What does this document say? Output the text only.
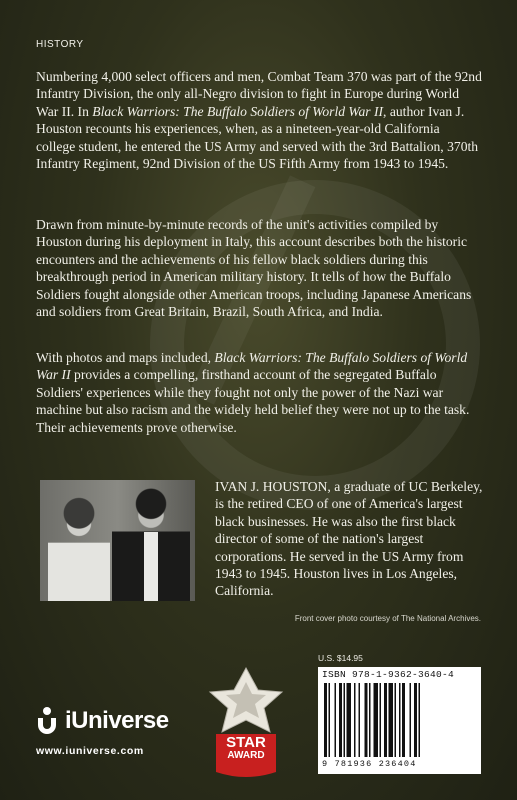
HISTORY

Numbering 4,000 select officers and men, Combat Team 370 was part of the 92nd Infantry Division, the only all-Negro division to fight in Europe during World War II. In Black Warriors: The Buffalo Soldiers of World War II, author Ivan J. Houston recounts his experiences, when, as a nineteen-year-old California college student, he entered the US Army and served with the 3rd Battalion, 370th Infantry Regiment, 92nd Division of the US Fifth Army from 1943 to 1945.

Drawn from minute-by-minute records of the unit's activities compiled by Houston during his deployment in Italy, this account describes both the historic encounters and the achievements of his fellow black soldiers during this breakthrough period in American military history. It tells of how the Buffalo Soldiers fought alongside other American troops, including Japanese Americans and soldiers from Great Britain, Brazil, South Africa, and India.

With photos and maps included, Black Warriors: The Buffalo Soldiers of World War II provides a compelling, firsthand account of the segregated Buffalo Soldiers' experiences while they fought not only the power of the Nazi war machine but also racism and the widely held belief they were not up to the task. Their achievements prove otherwise.

IVAN J. HOUSTON, a graduate of UC Berkeley, is the retired CEO of one of America's largest black businesses. He was also the first black director of some of the nation's largest corporations. He served in the US Army from 1943 to 1945. Houston lives in Los Angeles, California.

Front cover photo courtesy of The National Archives.
U.S. $14.95
ISBN 978-1-9362-3640-4
9 781936 236404
iUniverse
www.iuniverse.com	STAR
AWARD
